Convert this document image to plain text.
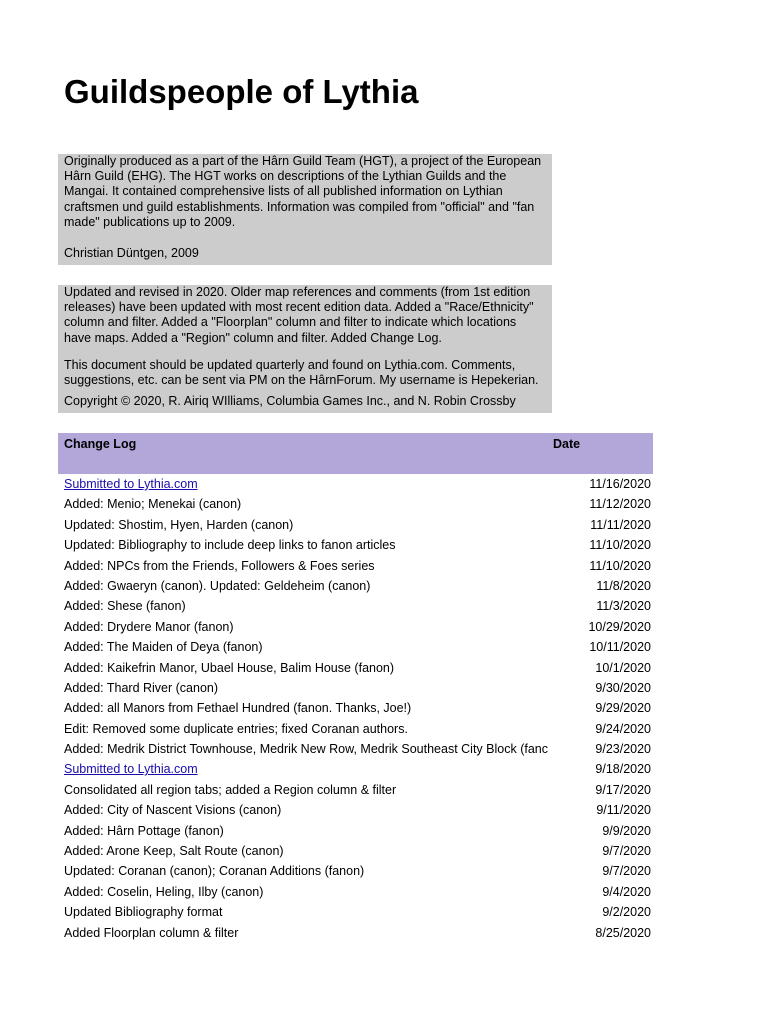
Guildspeople of Lythia

Originally produced as a part of the Hârn Guild Team (HGT), a project of the European Hârn Guild (EHG). The HGT works on descriptions of the Lythian Guilds and the Mangai. It contained comprehensive lists of all published information on Lythian craftsmen und guild establishments. Information was compiled from "official" and "fan made" publications up to 2009.

Christian Düntgen, 2009

Updated and revised in 2020. Older map references and comments (from 1st edition releases) have been updated with most recent edition data. Added a "Race/Ethnicity" column and filter. Added a "Floorplan" column and filter to indicate which locations have maps. Added a "Region" column and filter. Added Change Log.

This document should be updated quarterly and found on Lythia.com. Comments, suggestions, etc. can be sent via PM on the HârnForum. My username is Hepekerian.

Copyright © 2020, R. Airiq WIlliams, Columbia Games Inc., and N. Robin Crossby

Change Log	Date
Submitted to Lythia.com	11/16/2020
Added: Menio; Menekai (canon)	11/12/2020
Updated: Shostim, Hyen, Harden (canon)	11/11/2020
Updated: Bibliography to include deep links to fanon articles	11/10/2020
Added: NPCs from the Friends, Followers & Foes series	11/10/2020
Added: Gwaeryn (canon). Updated: Geldeheim (canon)	11/8/2020
Added: Shese (fanon)	11/3/2020
Added: Drydere Manor (fanon)	10/29/2020
Added: The Maiden of Deya (fanon)	10/11/2020
Added: Kaikefrin Manor, Ubael House, Balim House (fanon)	10/1/2020
Added: Thard River (canon)	9/30/2020
Added: all Manors from Fethael Hundred (fanon. Thanks, Joe!)	9/29/2020
Edit: Removed some duplicate entries; fixed Coranan authors.	9/24/2020
Added: Medrik District Townhouse, Medrik New Row, Medrik Southeast City Block (fanc	9/23/2020
Submitted to Lythia.com	9/18/2020
Consolidated all region tabs; added a Region column & filter	9/17/2020
Added: City of Nascent Visions (canon)	9/11/2020
Added: Hârn Pottage (fanon)	9/9/2020
Added: Arone Keep, Salt Route (canon)	9/7/2020
Updated: Coranan (canon); Coranan Additions (fanon)	9/7/2020
Added: Coselin, Heling, Ilby (canon)	9/4/2020
Updated Bibliography format	9/2/2020
Added Floorplan column & filter	8/25/2020
